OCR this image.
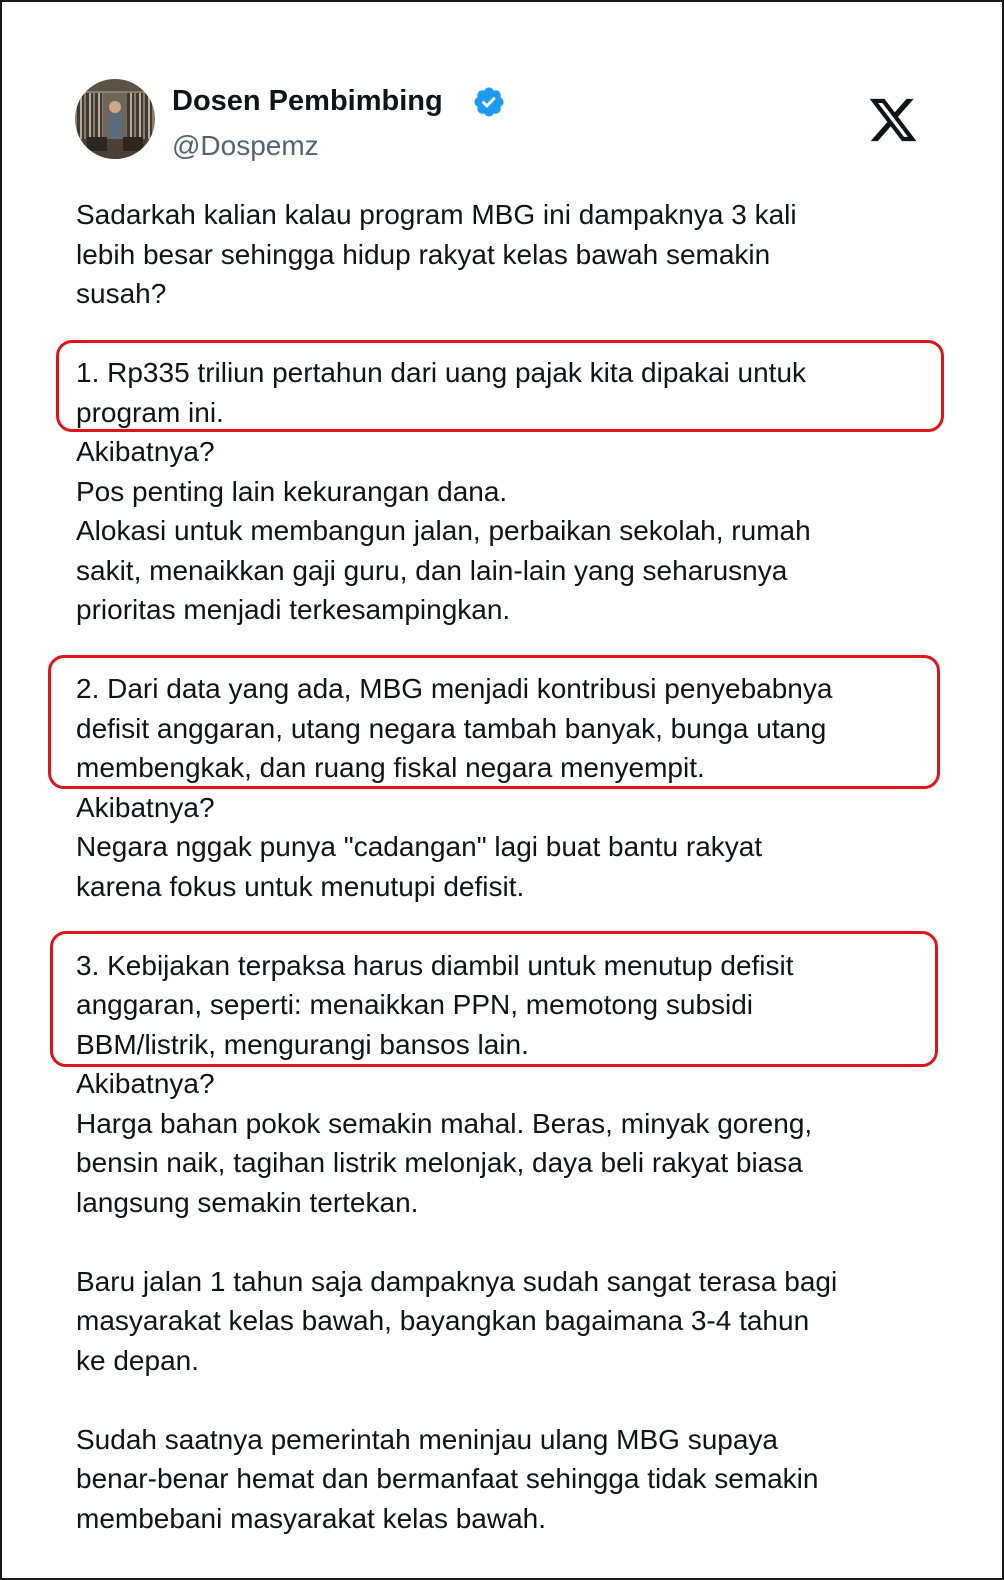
Dosen Pembimbing
@Dospemz
Sadarkah kalian kalau program MBG ini dampaknya 3 kali
lebih besar sehingga hidup rakyat kelas bawah semakin
susah?
1. Rp335 triliun pertahun dari uang pajak kita dipakai untuk
program ini.
Akibatnya?
Pos penting lain kekurangan dana.
Alokasi untuk membangun jalan, perbaikan sekolah, rumah
sakit, menaikkan gaji guru, dan lain-lain yang seharusnya
prioritas menjadi terkesampingkan.
2. Dari data yang ada, MBG menjadi kontribusi penyebabnya
defisit anggaran, utang negara tambah banyak, bunga utang
membengkak, dan ruang fiskal negara menyempit.
Akibatnya?
Negara nggak punya "cadangan" lagi buat bantu rakyat
karena fokus untuk menutupi defisit.
3. Kebijakan terpaksa harus diambil untuk menutup defisit
anggaran, seperti: menaikkan PPN, memotong subsidi
BBM/listrik, mengurangi bansos lain.
Akibatnya?
Harga bahan pokok semakin mahal. Beras, minyak goreng,
bensin naik, tagihan listrik melonjak, daya beli rakyat biasa
langsung semakin tertekan.
Baru jalan 1 tahun saja dampaknya sudah sangat terasa bagi
masyarakat kelas bawah, bayangkan bagaimana 3-4 tahun
ke depan.
Sudah saatnya pemerintah meninjau ulang MBG supaya
benar-benar hemat dan bermanfaat sehingga tidak semakin
membebani masyarakat kelas bawah.
